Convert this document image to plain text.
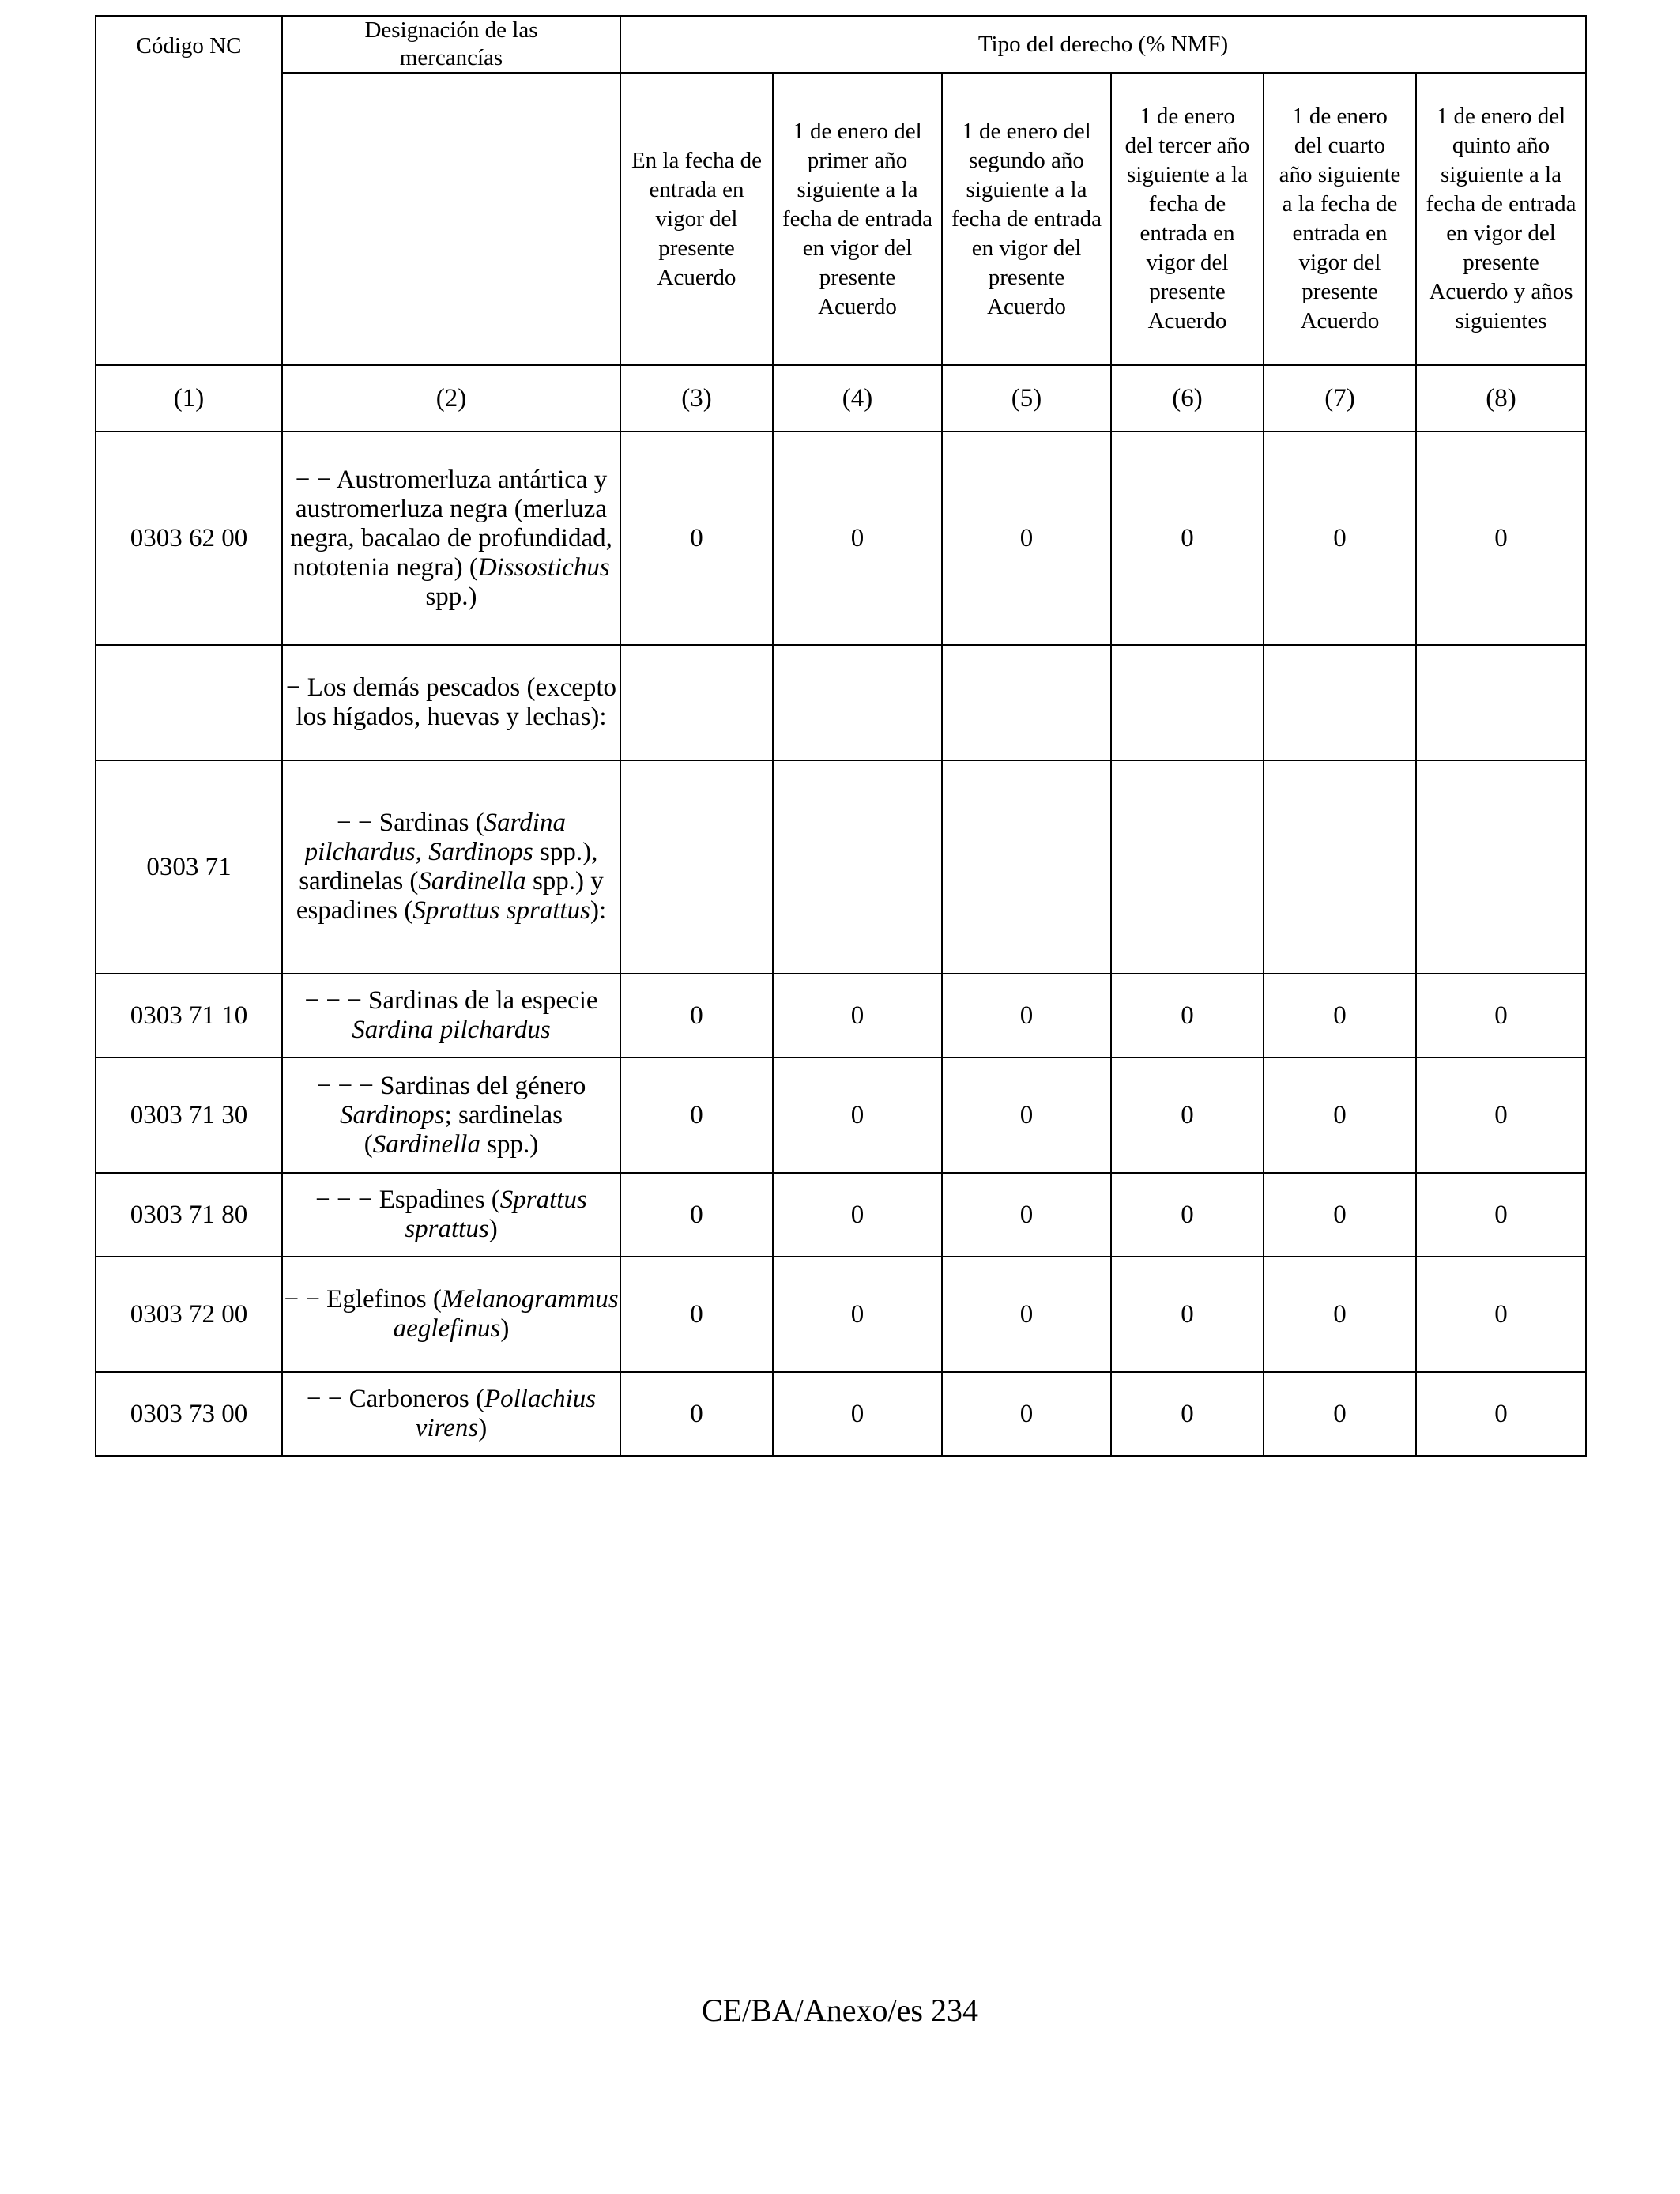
Código NC	Designación de las mercancías	Tipo del derecho (% NMF)					

		En la fecha de entrada en vigor del presente Acuerdo	1 de enero del primer año siguiente a la fecha de entrada en vigor del presente Acuerdo	1 de enero del segundo año siguiente a la fecha de entrada en vigor del presente Acuerdo	1 de enero del tercer año siguiente a la fecha de entrada en vigor del presente Acuerdo	1 de enero del cuarto año siguiente a la fecha de entrada en vigor del presente Acuerdo	1 de enero del quinto año siguiente a la fecha de entrada en vigor del presente Acuerdo y años siguientes

(1)	(2)	(3)	(4)	(5)	(6)	(7)	(8)
0303 62 00	− − Austromerluza antártica y austromerluza negra (merluza negra, bacalao de profundidad, nototenia negra) (Dissostichus spp.)	0	0	0	0	0	0
	− Los demás pescados (excepto los hígados, huevas y lechas):						
0303 71	− − Sardinas (Sardina pilchardus, Sardinops spp.), sardinelas (Sardinella spp.) y espadines (Sprattus sprattus):						
0303 71 10	− − − Sardinas de la especie Sardina pilchardus	0	0	0	0	0	0
0303 71 30	− − − Sardinas del género Sardinops; sardinelas (Sardinella spp.)	0	0	0	0	0	0
0303 71 80	− − − Espadines (Sprattus sprattus)	0	0	0	0	0	0
0303 72 00	− − Eglefinos (Melanogrammus aeglefinus)	0	0	0	0	0	0
0303 73 00	− − Carboneros (Pollachius virens)	0	0	0	0	0	0
CE/BA/Anexo/es 234
